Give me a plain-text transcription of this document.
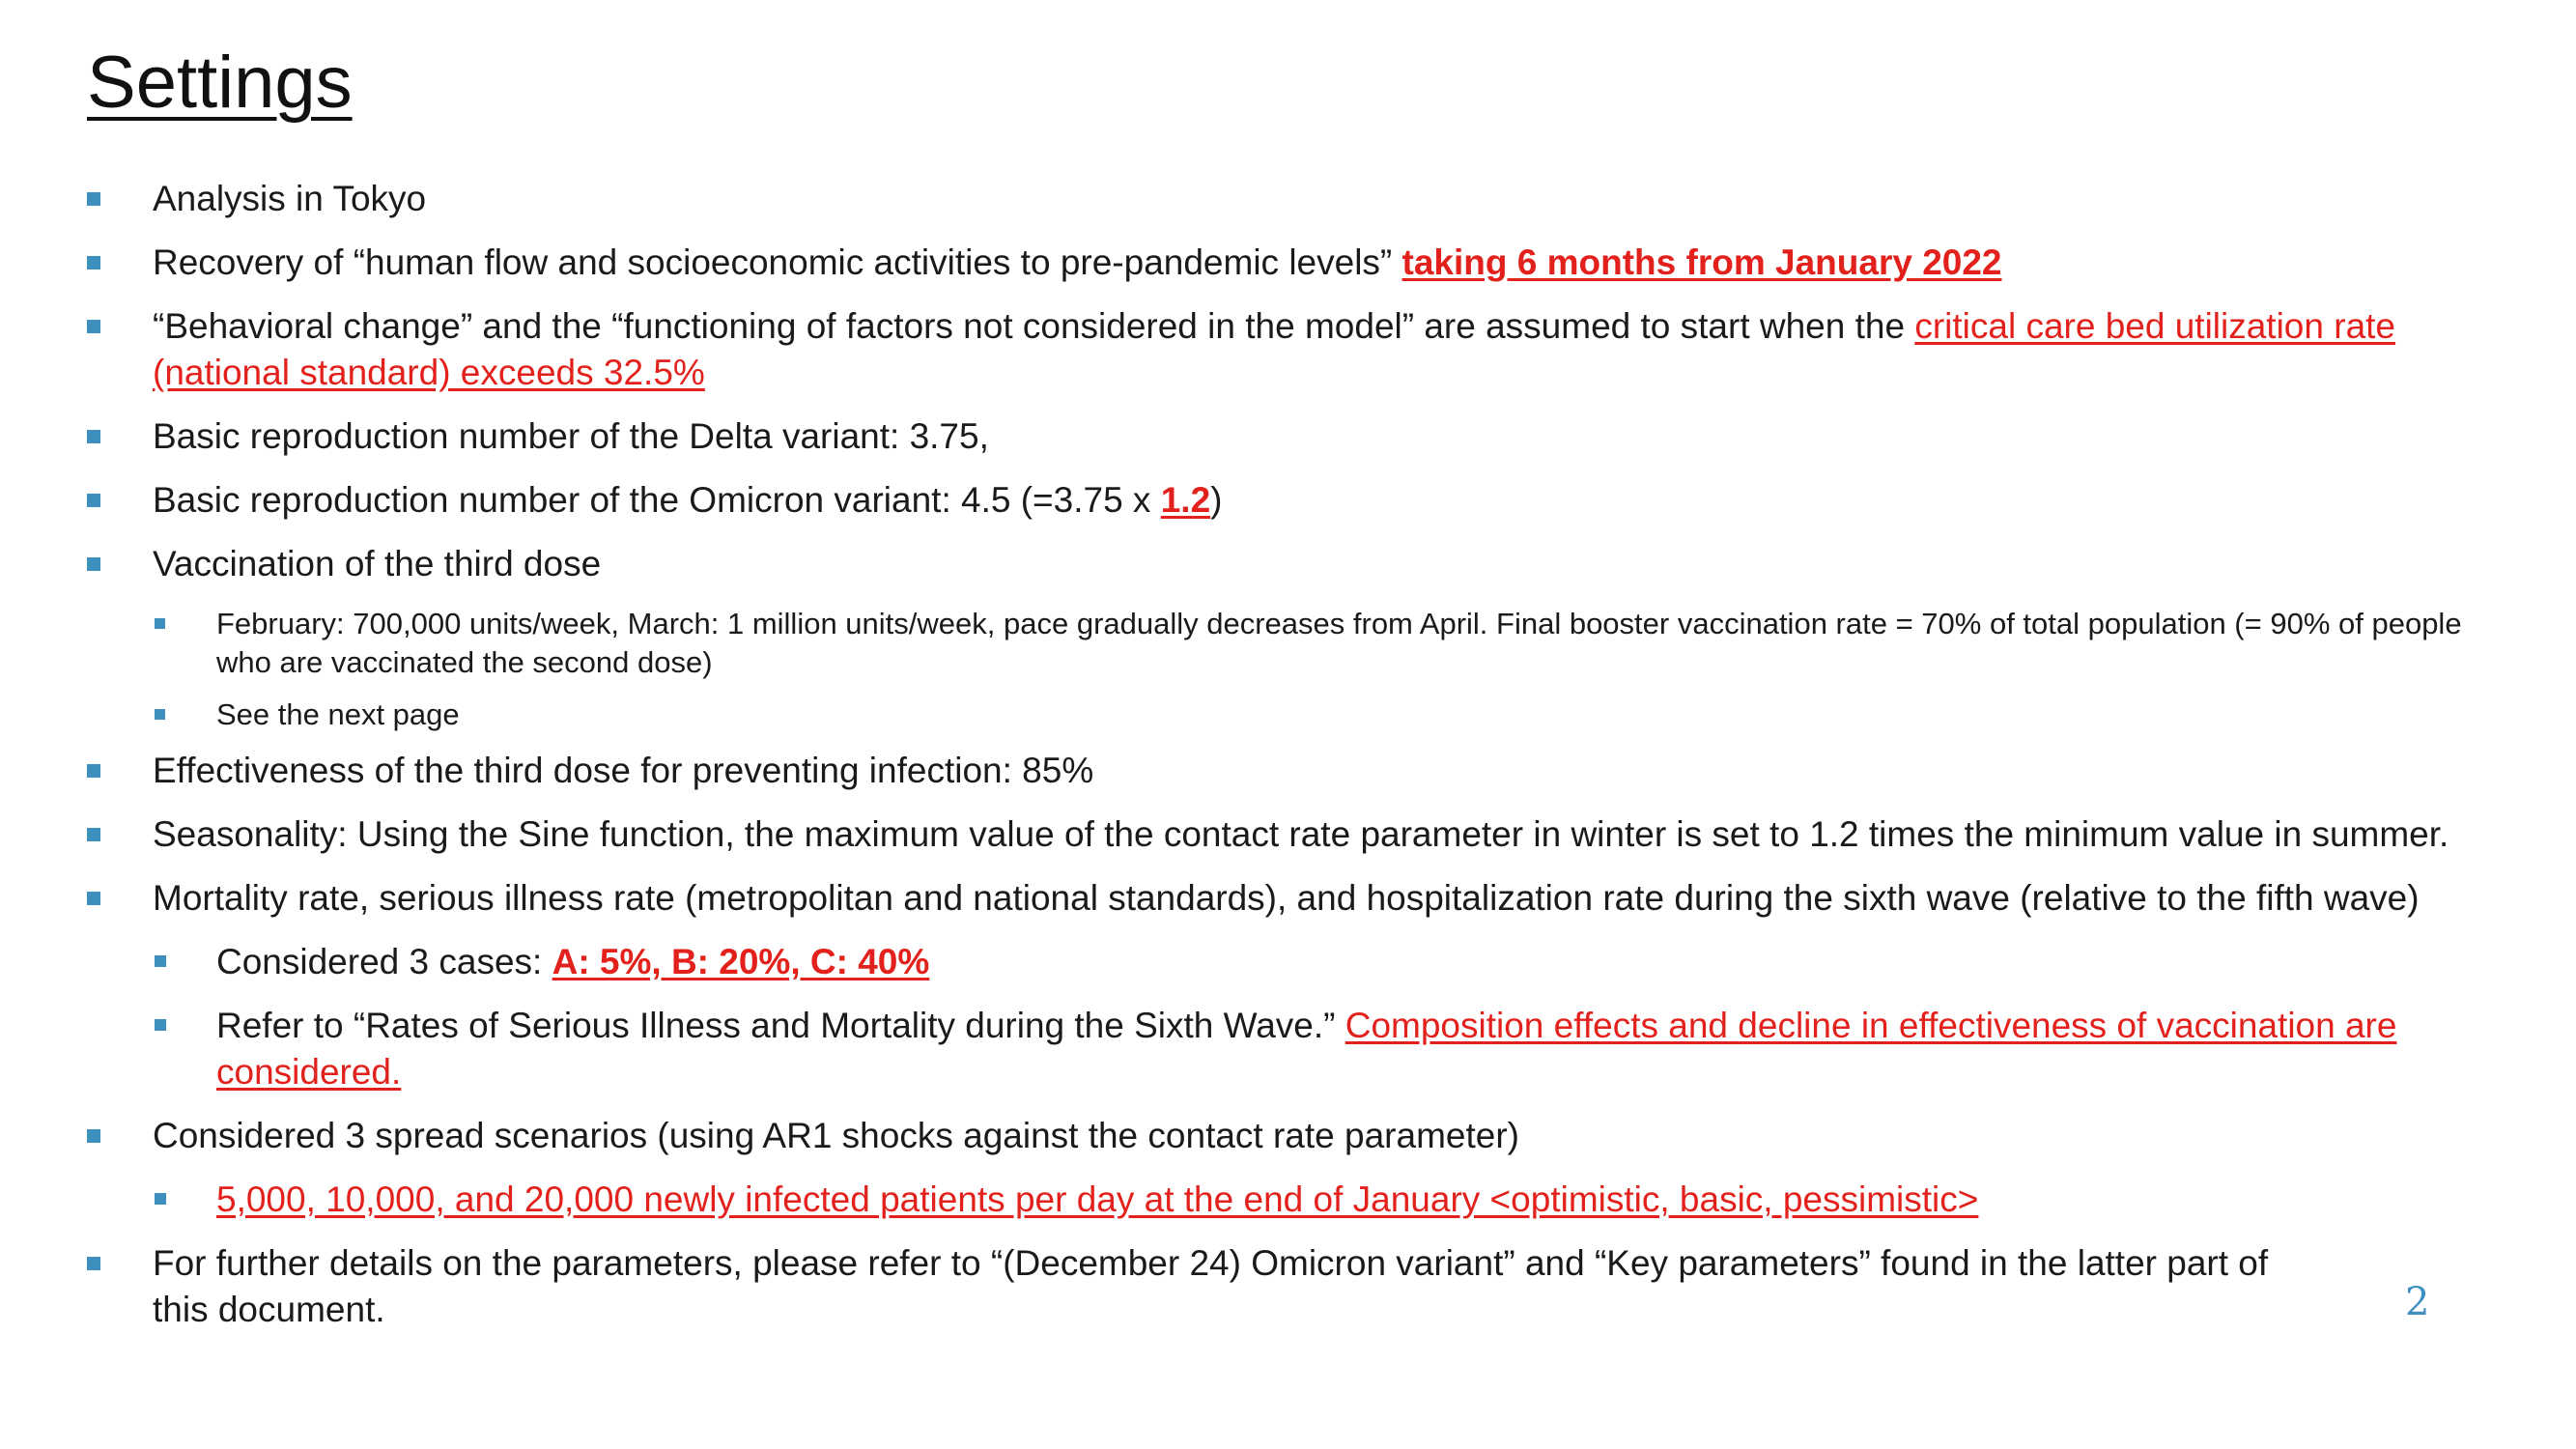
Settings
Analysis in Tokyo
Recovery of “human flow and socioeconomic activities to pre-pandemic levels” taking 6 months from January 2022
“Behavioral change” and the “functioning of factors not considered in the model” are assumed to start when the critical care bed utilization rate (national standard) exceeds 32.5%
Basic reproduction number of the Delta variant: 3.75,
Basic reproduction number of the Omicron variant: 4.5 (=3.75 x 1.2)
Vaccination of the third dose
February: 700,000 units/week, March: 1 million units/week, pace gradually decreases from April. Final booster vaccination rate = 70% of total population (= 90% of people who are vaccinated the second dose)
See the next page
Effectiveness of the third dose for preventing infection: 85%
Seasonality: Using the Sine function, the maximum value of the contact rate parameter in winter is set to 1.2 times the minimum value in summer.
Mortality rate, serious illness rate (metropolitan and national standards), and hospitalization rate during the sixth wave (relative to the fifth wave)
Considered 3 cases: A: 5%, B: 20%, C: 40%
Refer to “Rates of Serious Illness and Mortality during the Sixth Wave.” Composition effects and decline in effectiveness of vaccination are considered.
Considered 3 spread scenarios (using AR1 shocks against the contact rate parameter)
5,000, 10,000, and 20,000 newly infected patients per day at the end of January <optimistic, basic, pessimistic>
For further details on the parameters, please refer to “(December 24) Omicron variant” and “Key parameters” found in the latter part of this document.	2
